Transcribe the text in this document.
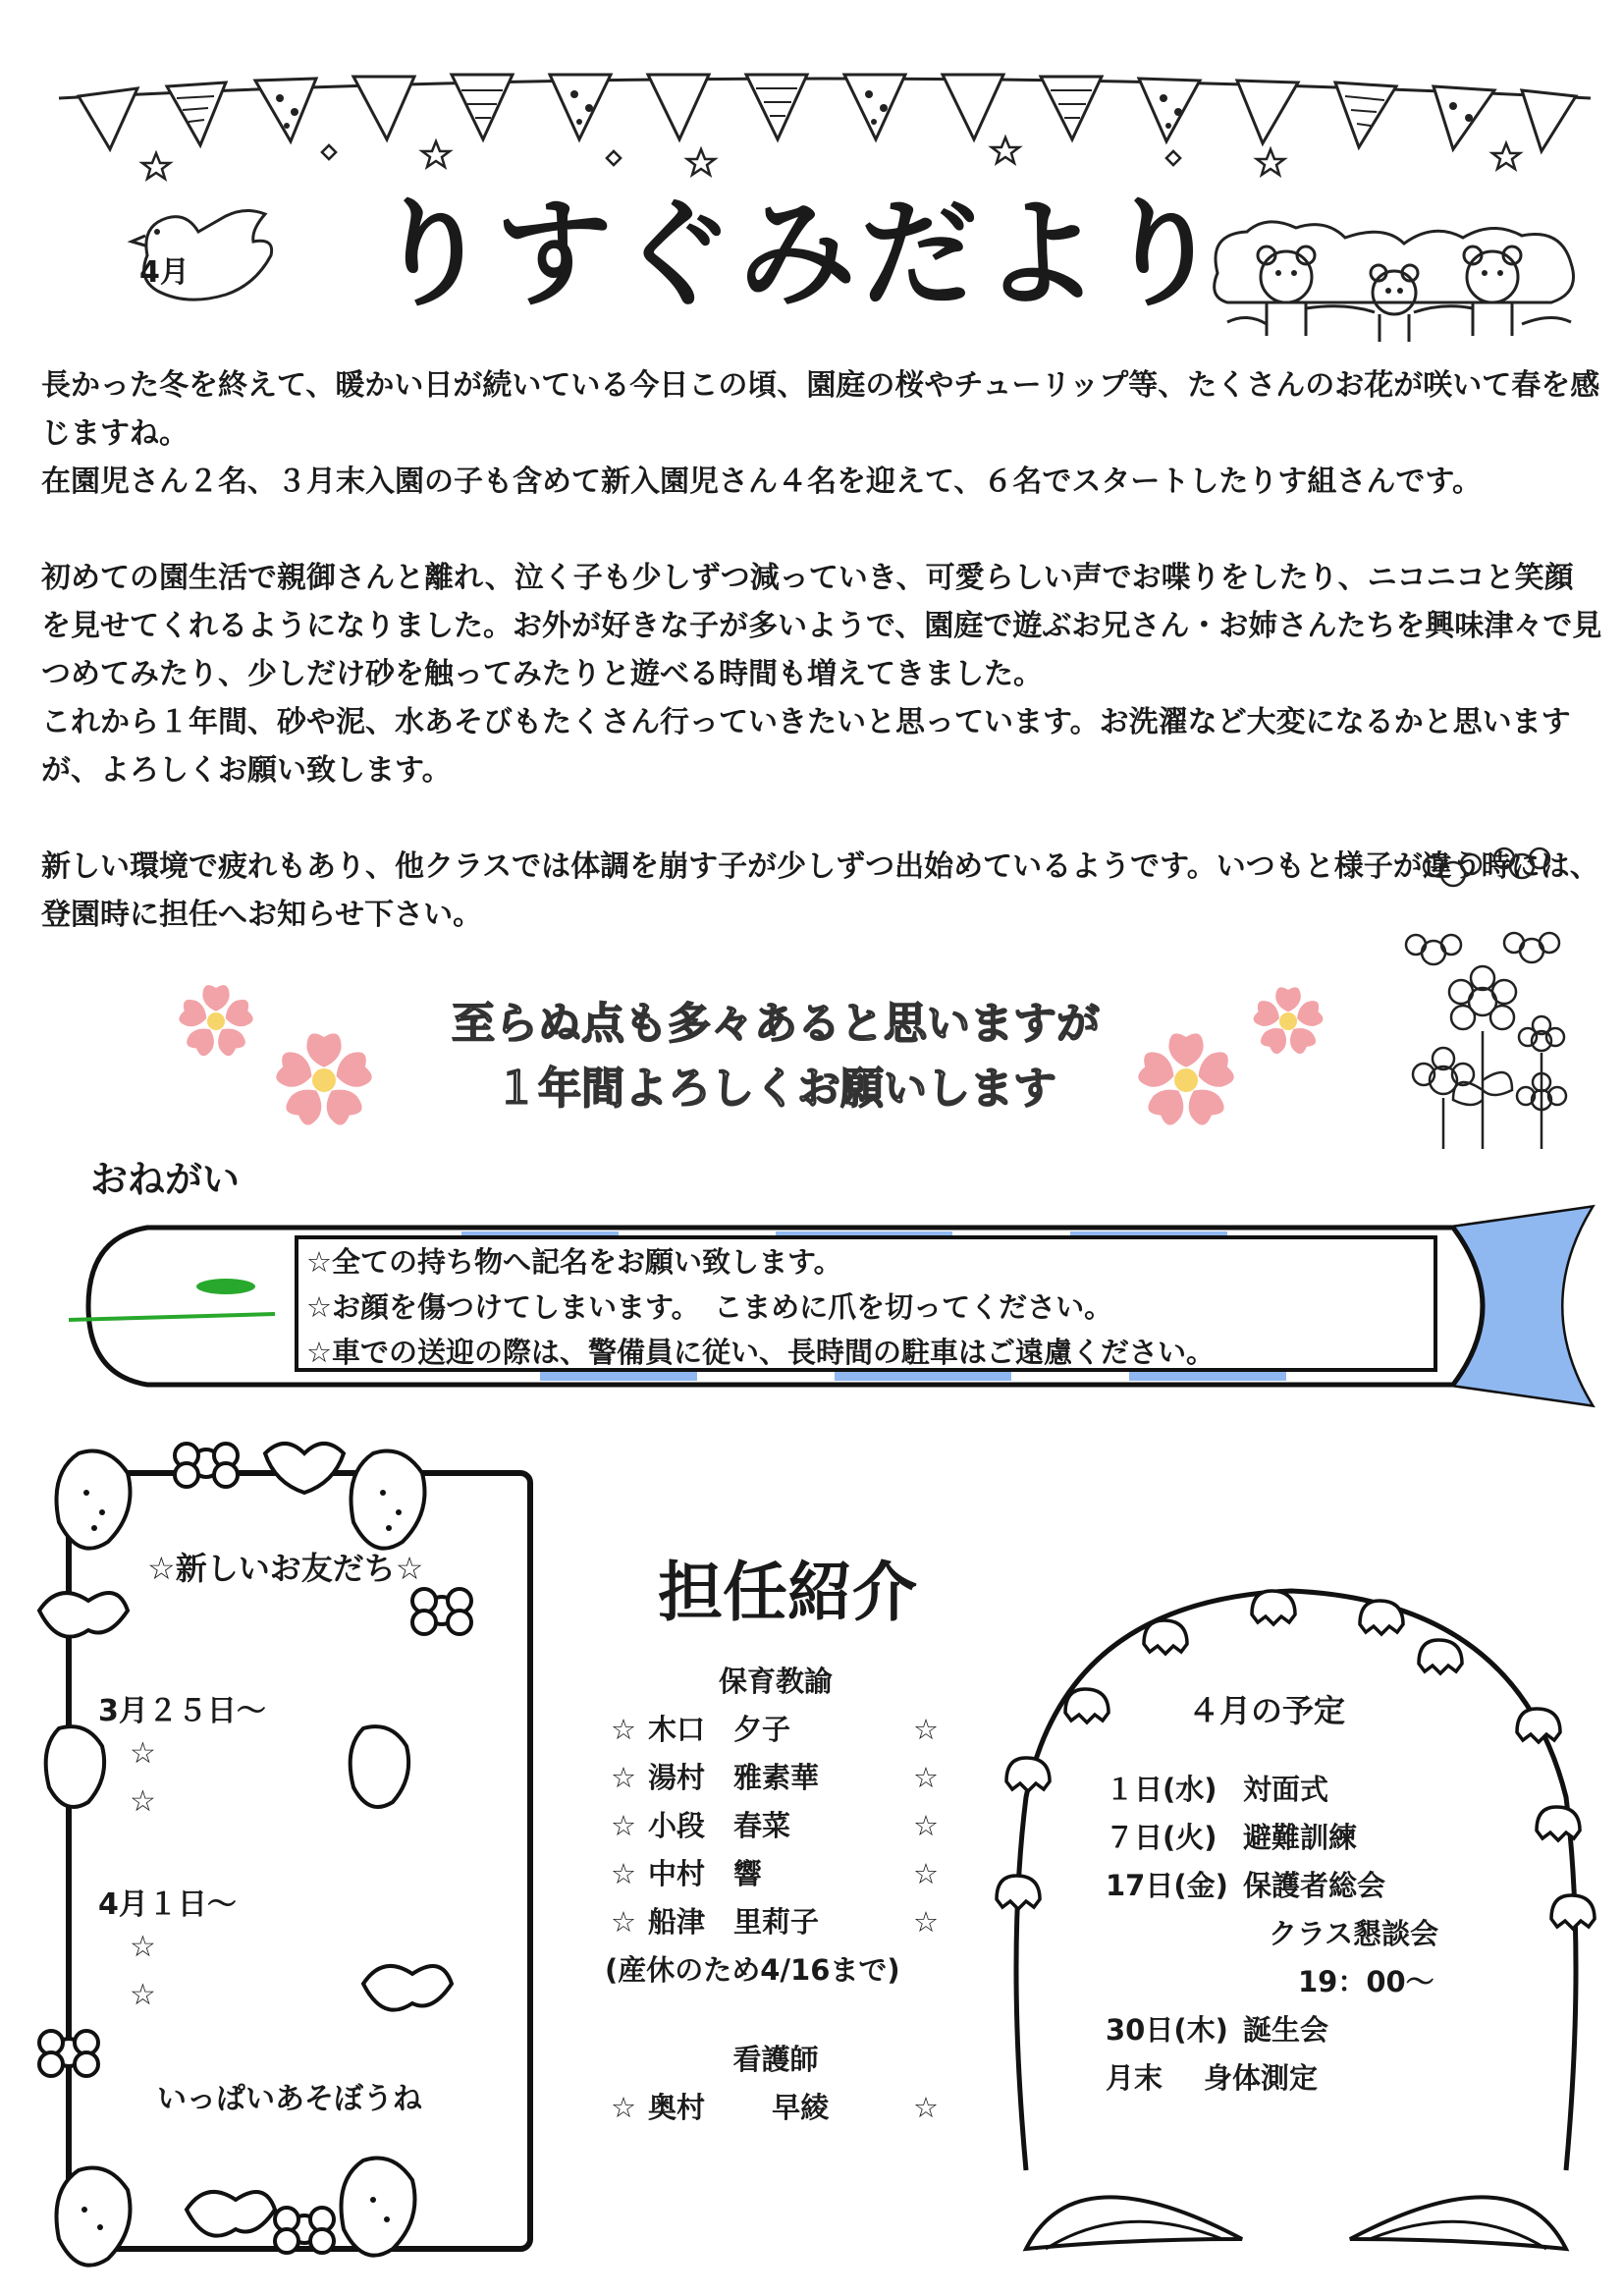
4月 りすぐみだより

長かった冬を終えて、暖かい日が続いている今日この頃、園庭の桜やチューリップ等、たくさんのお花が咲いて春を感じますね。

在園児さん２名、３月末入園の子も含めて新入園児さん４名を迎えて、６名でスタートしたりす組さんです。

初めての園生活で親御さんと離れ、泣く子も少しずつ減っていき、可愛らしい声でお喋りをしたり、ニコニコと笑顔を見せてくれるようになりました。お外が好きな子が多いようで、園庭で遊ぶお兄さん・お姉さんたちを興味津々で見つめてみたり、少しだけ砂を触ってみたりと遊べる時間も増えてきました。

これから１年間、砂や泥、水あそびもたくさん行っていきたいと思っています。お洗濯など大変になるかと思いますが、よろしくお願い致します。

新しい環境で疲れもあり、他クラスでは体調を崩す子が少しずつ出始めているようです。いつもと様子が違う時には、登園時に担任へお知らせ下さい。

至らぬ点も多々あると思いますが
１年間よろしくお願いします
おねがい
☆全ての持ち物へ記名をお願い致します。
☆お顔を傷つけてしまいます。　こまめに爪を切ってください。
☆車での送迎の際は、警備員に従い、長時間の駐車はご遠慮ください。
☆新しいお友だち☆
3月２５日～
☆
☆
4月１日～
☆
☆
いっぱいあそぼうね
担任紹介
保育教諭
☆ 木口　夕子	☆
☆ 湯村　雅素華	☆
☆ 小段　春菜	☆
☆ 中村　響	☆
☆ 船津　里莉子	☆
(産休のため4/16まで)
看護師
☆ 奥村　　 早綾	☆
４月の予定
１日(水) 対面式
７日(火) 避難訓練
17日(金) 保護者総会
クラス懇談会
19：00～
30日(木) 誕生会
月末	身体測定
